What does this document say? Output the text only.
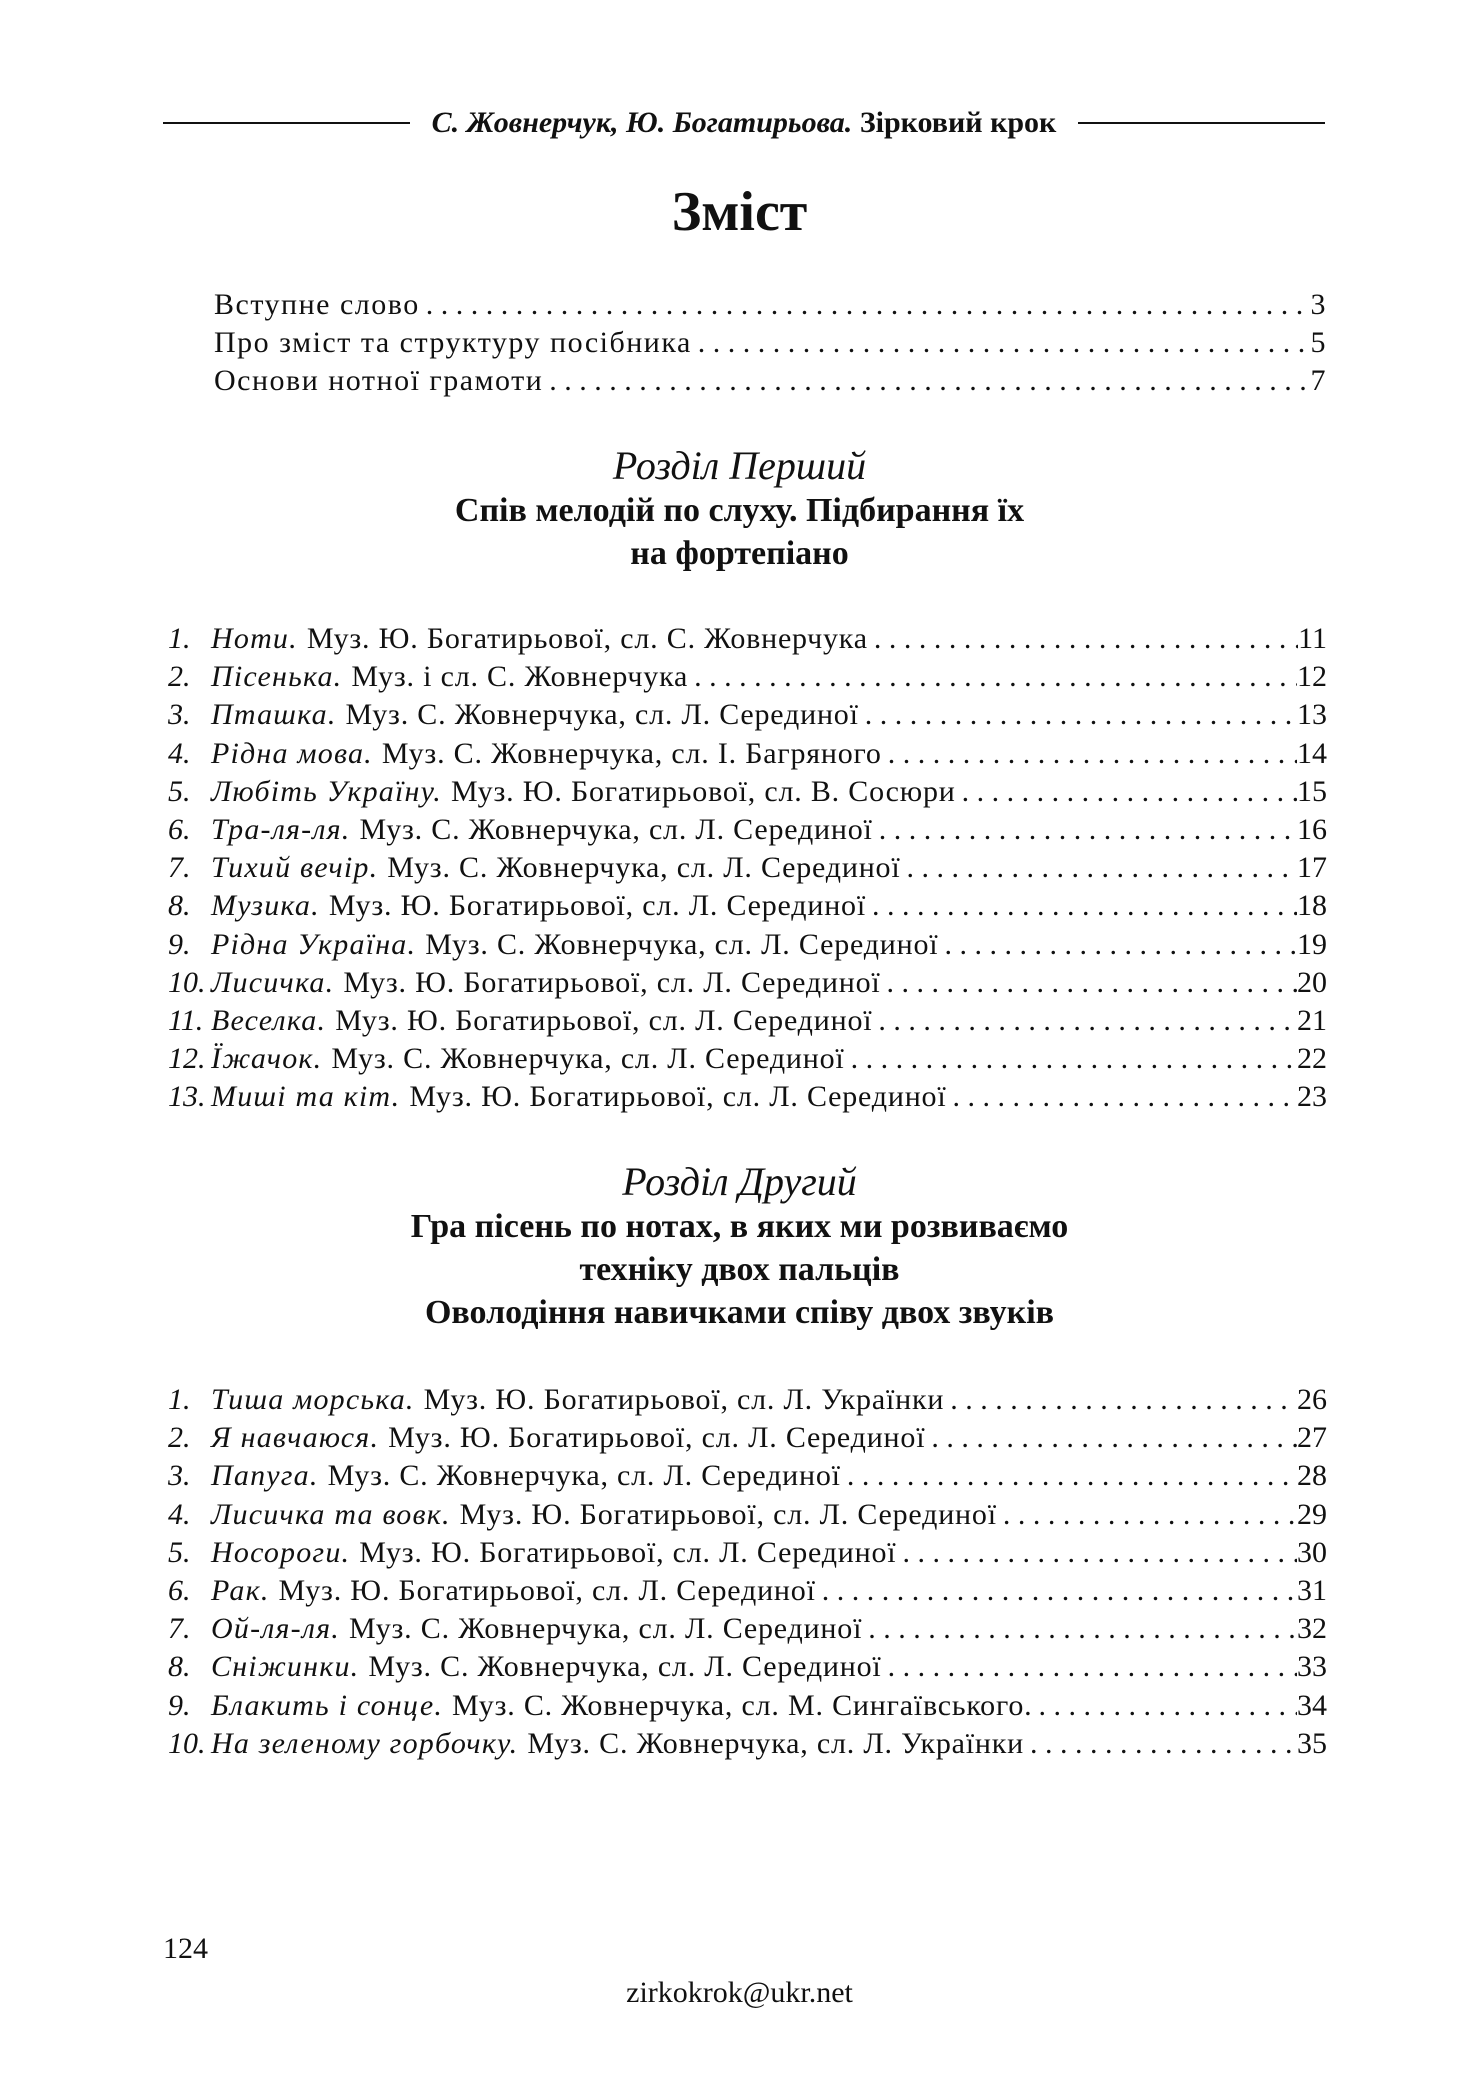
С. Жовнерчук, Ю. Богатирьова. Зірковий крок
Зміст
Вступне слово . . .	3
Про зміст та структуру посібника . . .	5
Основи нотної грамоти . . .	7
Розділ Перший
Спів мелодій по слуху. Підбирання їх
на фортепіано
1. Ноти. Муз. Ю. Богатирьової, сл. С. Жовнерчука . . .	11
2. Пісенька. Муз. і сл. С. Жовнерчука . . .	12
3. Пташка. Муз. С. Жовнерчука, сл. Л. Серединої . . .	13
4. Рідна мова. Муз. С. Жовнерчука, сл. І. Багряного . . .	14
5. Любіть Україну. Муз. Ю. Богатирьової, сл. В. Сосюри . . .	15
6. Тра-ля-ля. Муз. С. Жовнерчука, сл. Л. Серединої . . .	16
7. Тихий вечір. Муз. С. Жовнерчука, сл. Л. Серединої . . .	17
8. Музика. Муз. Ю. Богатирьової, сл. Л. Серединої . . .	18
9. Рідна Україна. Муз. С. Жовнерчука, сл. Л. Серединої . . .	19
10. Лисичка. Муз. Ю. Богатирьової, сл. Л. Серединої . . .	20
11. Веселка. Муз. Ю. Богатирьової, сл. Л. Серединої . . .	21
12. Їжачок. Муз. С. Жовнерчука, сл. Л. Серединої . . .	22
13. Миші та кіт. Муз. Ю. Богатирьової, сл. Л. Серединої . . .	23
Розділ Другий
Гра пісень по нотах, в яких ми розвиваємо
техніку двох пальців
Оволодіння навичками співу двох звуків
1. Тиша морська. Муз. Ю. Богатирьової, сл. Л. Українки . . .	26
2. Я навчаюся. Муз. Ю. Богатирьової, сл. Л. Серединої . . .	27
3. Папуга. Муз. С. Жовнерчука, сл. Л. Серединої . . .	28
4. Лисичка та вовк. Муз. Ю. Богатирьової, сл. Л. Серединої . . .	29
5. Носороги. Муз. Ю. Богатирьової, сл. Л. Серединої . . .	30
6. Рак. Муз. Ю. Богатирьової, сл. Л. Серединої . . .	31
7. Ой-ля-ля. Муз. С. Жовнерчука, сл. Л. Серединої . . .	32
8. Сніжинки. Муз. С. Жовнерчука, сл. Л. Серединої . . .	33
9. Блакить і сонце. Муз. С. Жовнерчука, сл. М. Сингаївського. . . .	34
10. На зеленому горбочку. Муз. С. Жовнерчука, сл. Л. Українки . . .	35
124
zirkokrok@ukr.net
